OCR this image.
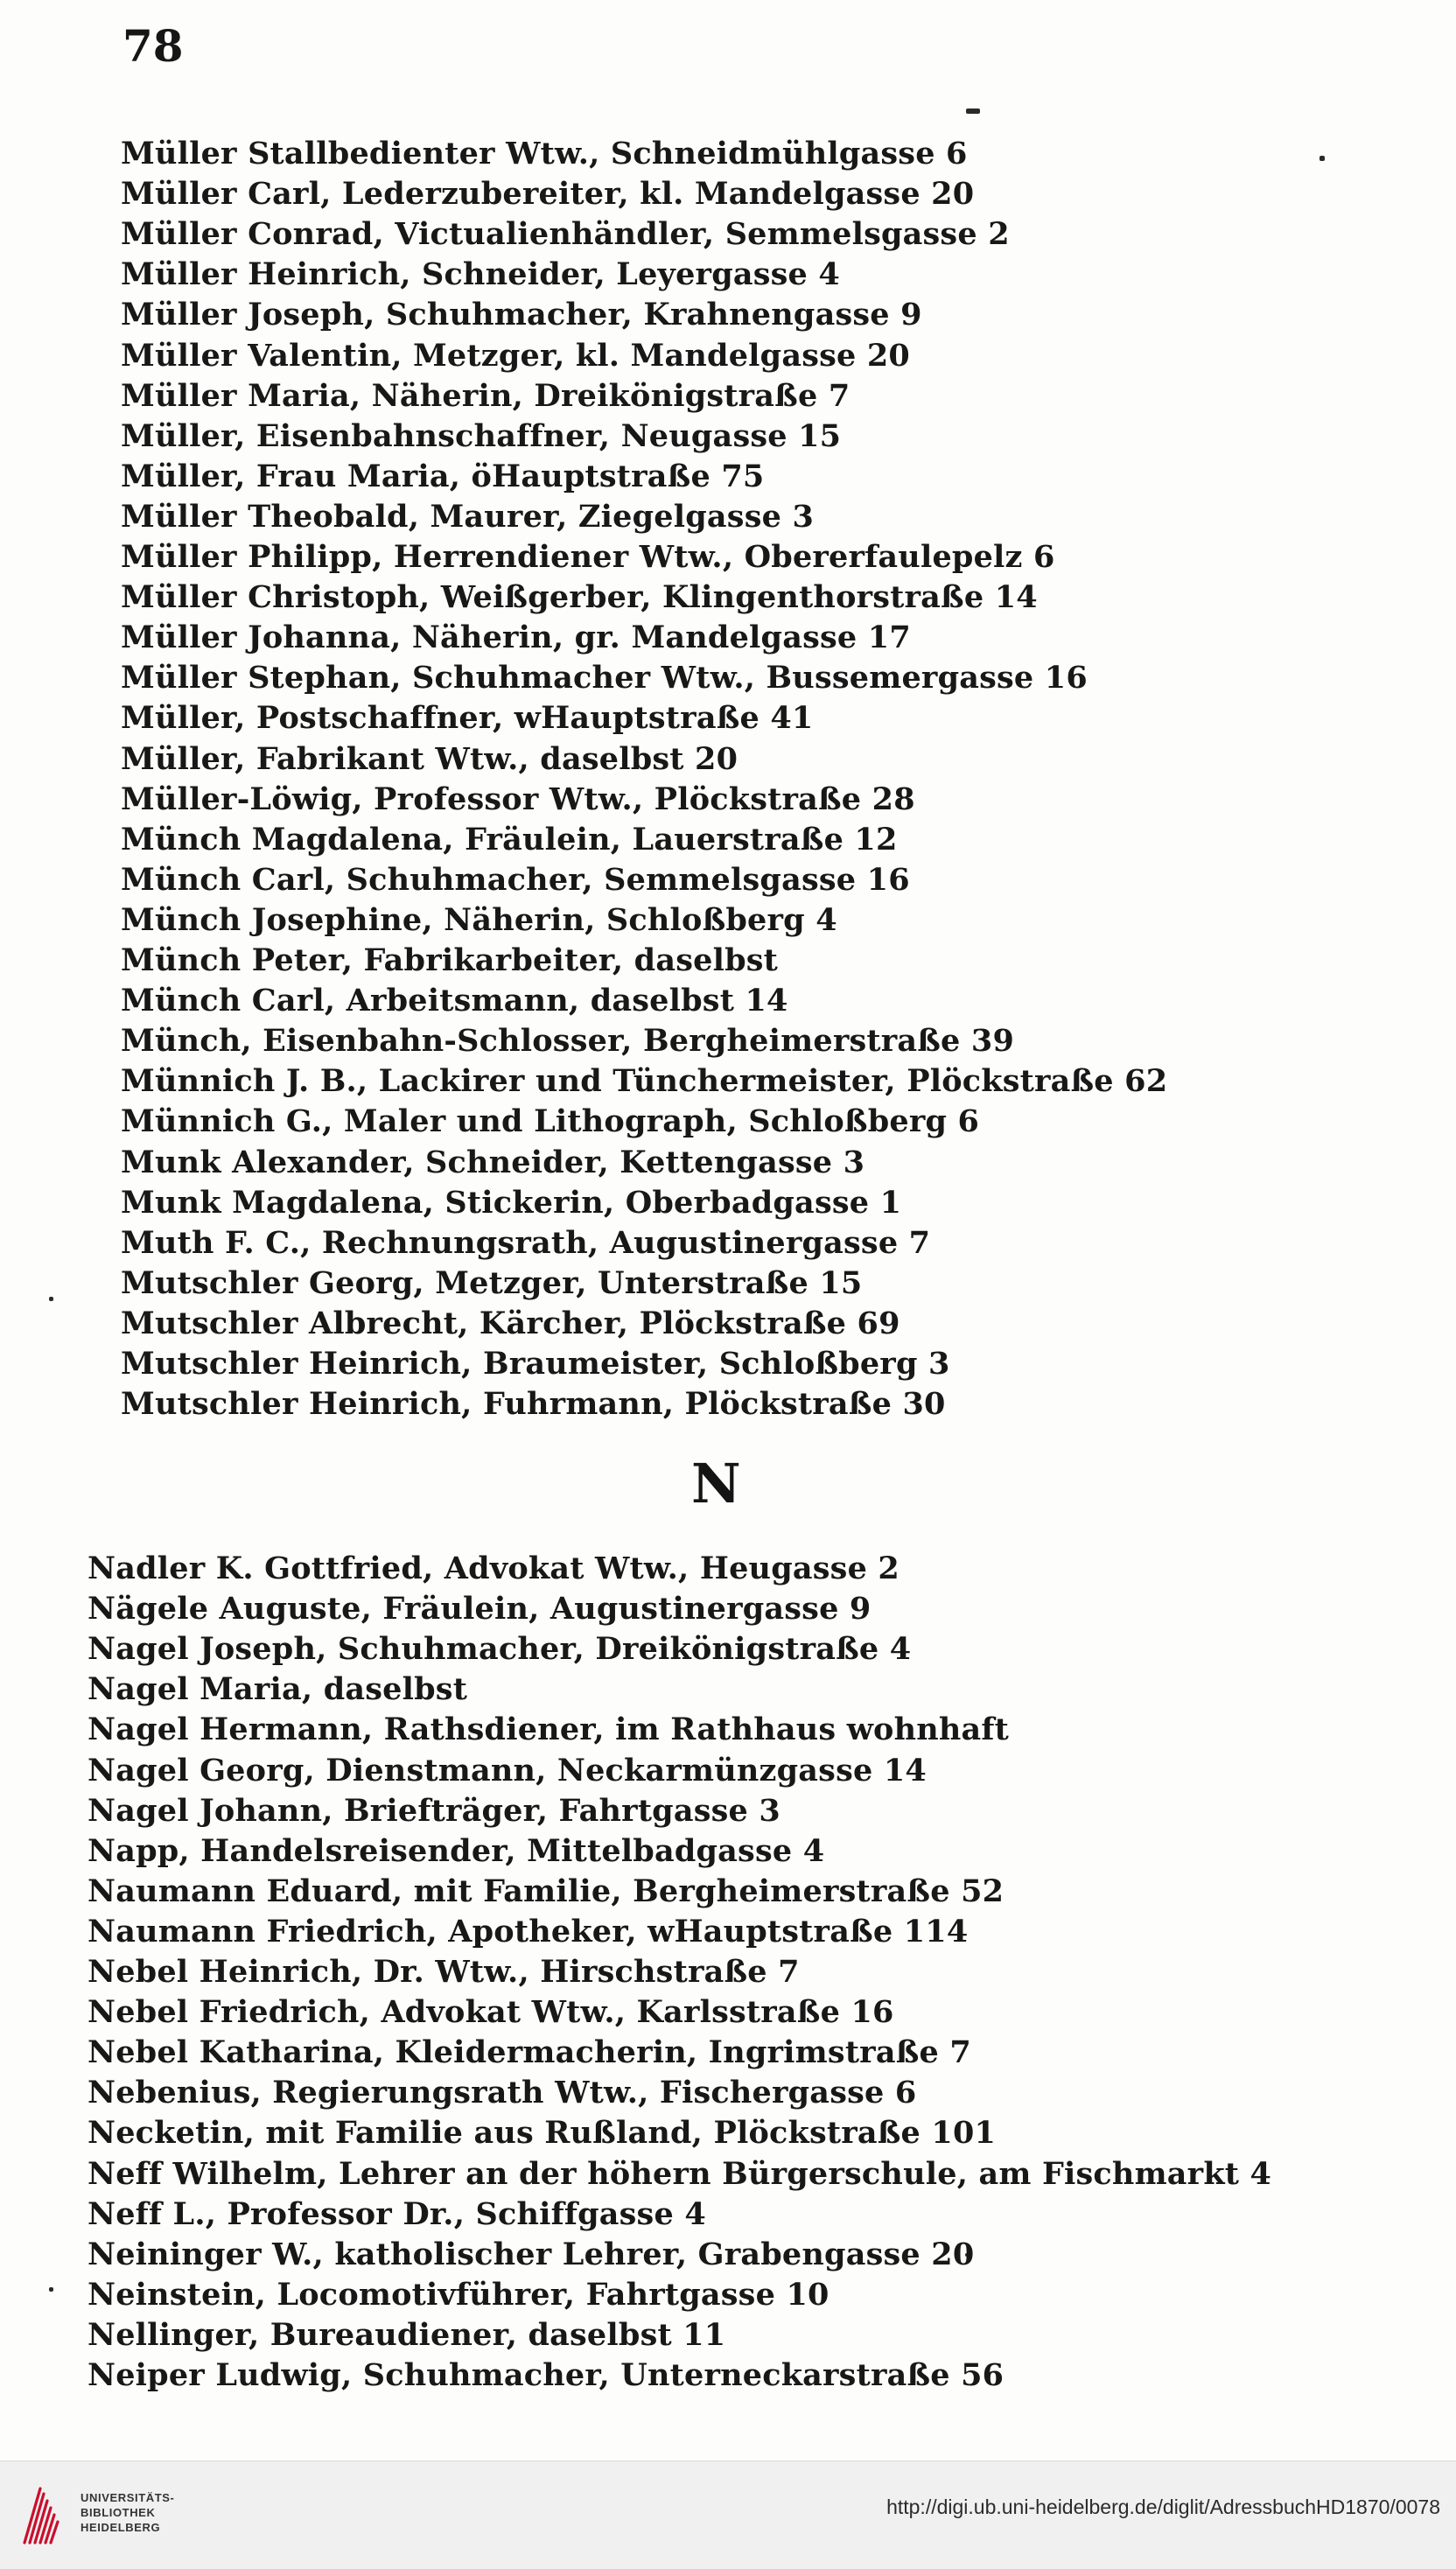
78
Müller Stallbedienter Wtw., Schneidmühlgasse 6
Müller Carl, Lederzubereiter, kl. Mandelgasse 20
Müller Conrad, Victualienhändler, Semmelsgasse 2
Müller Heinrich, Schneider, Leyergasse 4
Müller Joseph, Schuhmacher, Krahnengasse 9
Müller Valentin, Metzger, kl. Mandelgasse 20
Müller Maria, Näherin, Dreikönigstraße 7
Müller, Eisenbahnschaffner, Neugasse 15
Müller, Frau Maria, öHauptstraße 75
Müller Theobald, Maurer, Ziegelgasse 3
Müller Philipp, Herrendiener Wtw., Obererfaulepelz 6
Müller Christoph, Weißgerber, Klingenthorstraße 14
Müller Johanna, Näherin, gr. Mandelgasse 17
Müller Stephan, Schuhmacher Wtw., Bussemergasse 16
Müller, Postschaffner, wHauptstraße 41
Müller, Fabrikant Wtw., daselbst 20
Müller-Löwig, Professor Wtw., Plöckstraße 28
Münch Magdalena, Fräulein, Lauerstraße 12
Münch Carl, Schuhmacher, Semmelsgasse 16
Münch Josephine, Näherin, Schloßberg 4
Münch Peter, Fabrikarbeiter, daselbst
Münch Carl, Arbeitsmann, daselbst 14
Münch, Eisenbahn-Schlosser, Bergheimerstraße 39
Münnich J. B., Lackirer und Tünchermeister, Plöckstraße 62
Münnich G., Maler und Lithograph, Schloßberg 6
Munk Alexander, Schneider, Kettengasse 3
Munk Magdalena, Stickerin, Oberbadgasse 1
Muth F. C., Rechnungsrath, Augustinergasse 7
Mutschler Georg, Metzger, Unterstraße 15
Mutschler Albrecht, Kärcher, Plöckstraße 69
Mutschler Heinrich, Braumeister, Schloßberg 3
Mutschler Heinrich, Fuhrmann, Plöckstraße 30
N
Nadler K. Gottfried, Advokat Wtw., Heugasse 2
Nägele Auguste, Fräulein, Augustinergasse 9
Nagel Joseph, Schuhmacher, Dreikönigstraße 4
Nagel Maria, daselbst
Nagel Hermann, Rathsdiener, im Rathhaus wohnhaft
Nagel Georg, Dienstmann, Neckarmünzgasse 14
Nagel Johann, Briefträger, Fahrtgasse 3
Napp, Handelsreisender, Mittelbadgasse 4
Naumann Eduard, mit Familie, Bergheimerstraße 52
Naumann Friedrich, Apotheker, wHauptstraße 114
Nebel Heinrich, Dr. Wtw., Hirschstraße 7
Nebel Friedrich, Advokat Wtw., Karlsstraße 16
Nebel Katharina, Kleidermacherin, Ingrimstraße 7
Nebenius, Regierungsrath Wtw., Fischergasse 6
Necketin, mit Familie aus Rußland, Plöckstraße 101
Neff Wilhelm, Lehrer an der höhern Bürgerschule, am Fischmarkt 4
Neff L., Professor Dr., Schiffgasse 4
Neininger W., katholischer Lehrer, Grabengasse 20
Neinstein, Locomotivführer, Fahrtgasse 10
Nellinger, Bureaudiener, daselbst 11
Neiper Ludwig, Schuhmacher, Unterneckarstraße 56
UNIVERSITÄTS-
BIBLIOTHEK
HEIDELBERG
http://digi.ub.uni-heidelberg.de/diglit/AdressbuchHD1870/0078
